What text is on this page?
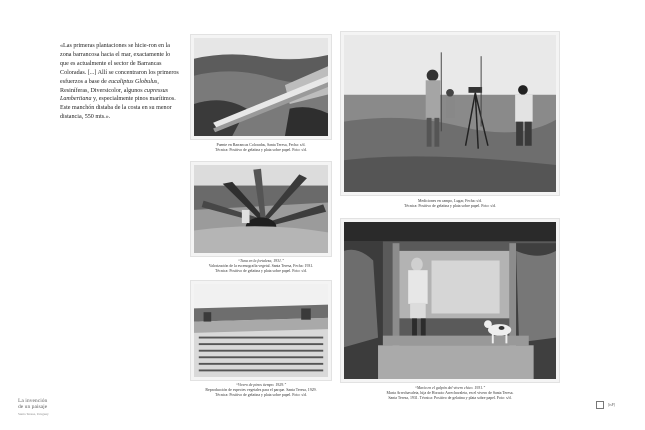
«Las primeras plantaciones se hicie-ron en la zona barrancosa hacia el mar, exactamente lo que es actualmente el sector de Barrancas Coloradas. [...] Allí se concentraron los primeros esfuerzos a base de eucaliptus Globulus, Resiníferas, Diversicolor, algunos cupressus Lambertiana y, especialmente pinos marítimos. Este manchón distaba de la costa en su menor distancia, 550 mts.».
Puente en Barrancas Coloradas, Santa Teresa, Fecha: s/d.
Técnica: Positivo de gelatina y plata sobre papel. Foto: s/d.
Mediciones en campo, Lugar, Fecha: s/d.
Técnica: Positivo de gelatina y plata sobre papel. Foto: s/d.
“Tuna en la fortaleza, 1931.”
Valorización de la escenografía vegetal. Santa Teresa, Fecha: 1931.
Técnica: Positivo de gelatina y plata sobre papel. Foto: s/d.
“Vivero de pinos tiempo. 1929.”
Reproducción de especies vegetales para el parque. Santa Teresa, 1929.
Técnica: Positivo de gelatina y plata sobre papel. Foto: s/d.
“María en el galpón del vivero chico. 1931.”
Marta Arrechavaleta, hija de Horacio Arrechavaleta, en el vivero de Santa Teresa.
Santa Teresa, 1931. Técnica: Positivo de gelatina y plata sobre papel. Foto: s/d.
La invención
de un paisaje
Santa Teresa, Uruguay
[isP]
